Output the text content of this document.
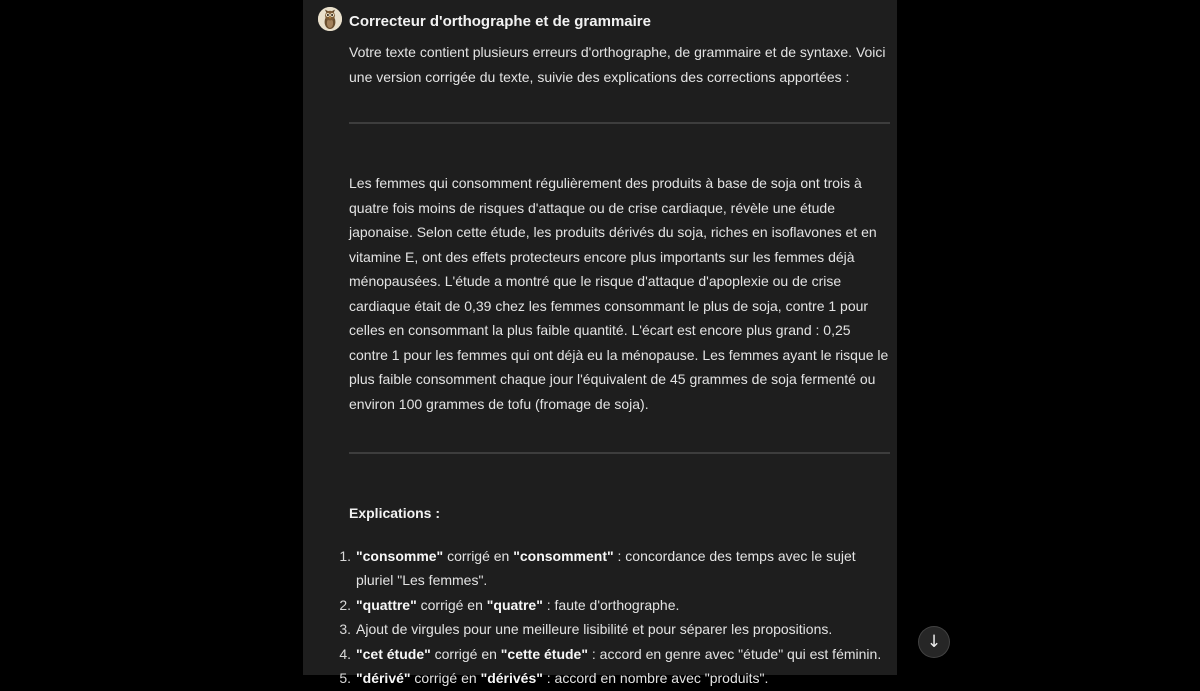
Correcteur d'orthographe et de grammaire

Votre texte contient plusieurs erreurs d'orthographe, de grammaire et de syntaxe. Voici une version corrigée du texte, suivie des explications des corrections apportées :

Les femmes qui consomment régulièrement des produits à base de soja ont trois à quatre fois moins de risques d'attaque ou de crise cardiaque, révèle une étude japonaise. Selon cette étude, les produits dérivés du soja, riches en isoflavones et en vitamine E, ont des effets protecteurs encore plus importants sur les femmes déjà ménopausées. L'étude a montré que le risque d'attaque d'apoplexie ou de crise cardiaque était de 0,39 chez les femmes consommant le plus de soja, contre 1 pour celles en consommant la plus faible quantité. L'écart est encore plus grand : 0,25 contre 1 pour les femmes qui ont déjà eu la ménopause. Les femmes ayant le risque le plus faible consomment chaque jour l'équivalent de 45 grammes de soja fermenté ou environ 100 grammes de tofu (fromage de soja).

Explications :

1. "consomme" corrigé en "consomment" : concordance des temps avec le sujet pluriel "Les femmes".
2. "quattre" corrigé en "quatre" : faute d'orthographe.
3. Ajout de virgules pour une meilleure lisibilité et pour séparer les propositions.
4. "cet étude" corrigé en "cette étude" : accord en genre avec "étude" qui est féminin.
5. "dérivé" corrigé en "dérivés" : accord en nombre avec "produits".
↓
